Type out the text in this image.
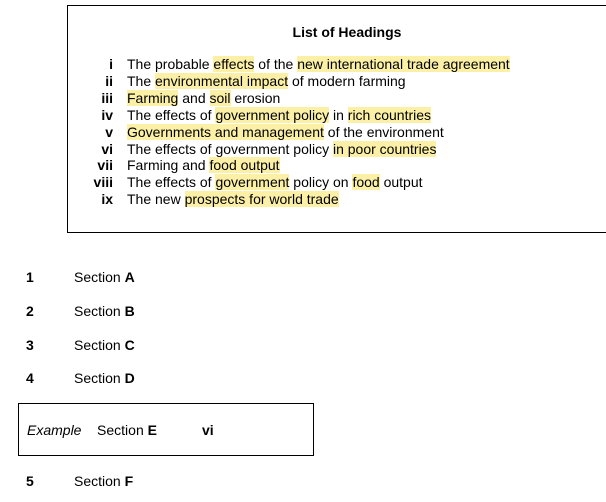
List of Headings
i The probable effects of the new international trade agreement
ii The environmental impact of modern farming
iii Farming and soil erosion
iv The effects of government policy in rich countries
v Governments and management of the environment
vi The effects of government policy in poor countries
vii Farming and food output
viii The effects of government policy on food output
ix The new prospects for world trade
1	Section A
2	Section B
3	Section C
4	Section D
Example Section E	vi
5	Section F
